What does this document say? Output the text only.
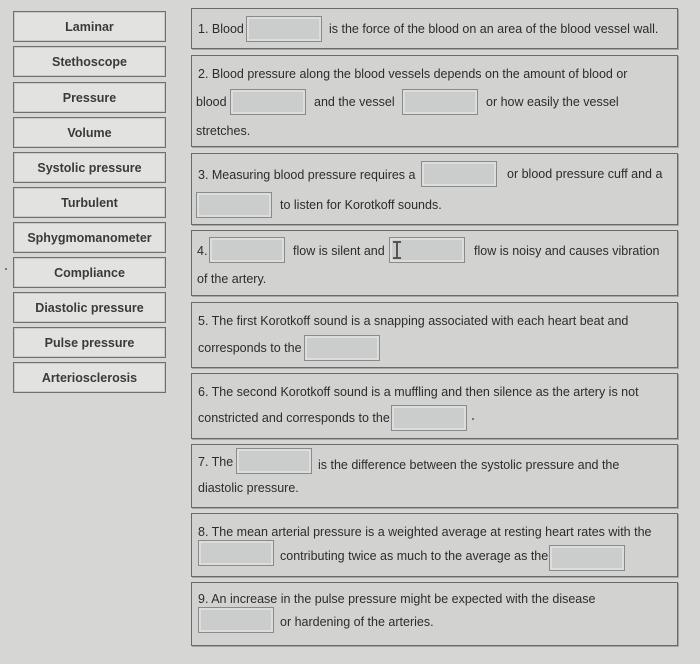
Laminar
Stethoscope
Pressure
Volume
Systolic pressure
Turbulent
Sphygmomanometer
Compliance
Diastolic pressure
Pulse pressure
Arteriosclerosis
1. Blood	is the force of the blood on an area of the blood vessel wall.
2. Blood pressure along the blood vessels depends on the amount of blood or
blood	and the vessel	or how easily the vessel
stretches.
3. Measuring blood pressure requires a	or blood pressure cuff and a
to listen for Korotkoff sounds.
4.	flow is silent and	flow is noisy and causes vibration
of the artery.
5. The first Korotkoff sound is a snapping associated with each heart beat and
corresponds to the
6. The second Korotkoff sound is a muffling and then silence as the artery is not
constricted and corresponds to the
7. The	is the difference between the systolic pressure and the
diastolic pressure.
8. The mean arterial pressure is a weighted average at resting heart rates with the
contributing twice as much to the average as the
9. An increase in the pulse pressure might be expected with the disease
or hardening of the arteries.
